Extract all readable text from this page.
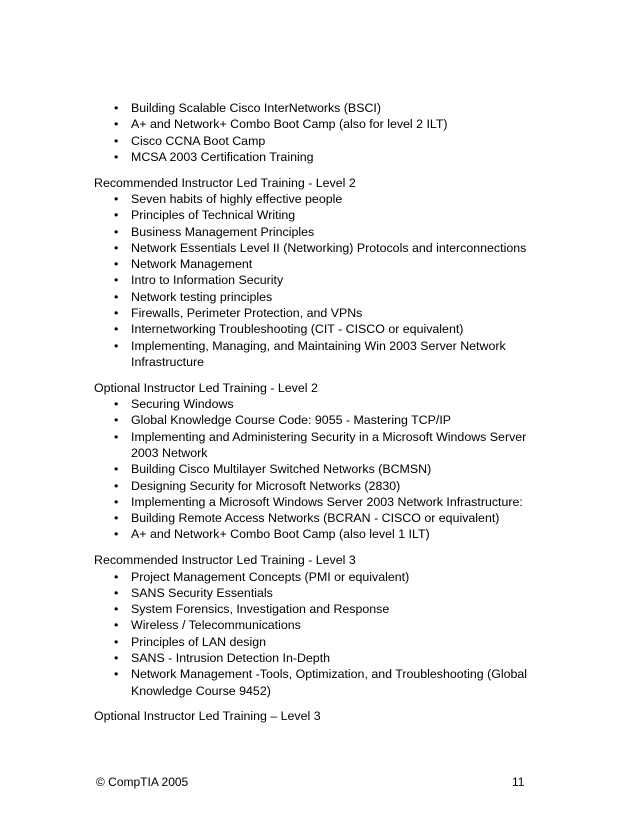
• Building Scalable Cisco InterNetworks (BSCI)
• A+ and Network+ Combo Boot Camp (also for level 2 ILT)
• Cisco CCNA Boot Camp
• MCSA 2003 Certification Training
Recommended Instructor Led Training - Level 2
• Seven habits of highly effective people
• Principles of Technical Writing
• Business Management Principles
• Network Essentials Level II (Networking) Protocols and interconnections
• Network Management
• Intro to Information Security
• Network testing principles
• Firewalls, Perimeter Protection, and VPNs
• Internetworking Troubleshooting (CIT - CISCO or equivalent)
• Implementing, Managing, and Maintaining Win 2003 Server Network Infrastructure
Optional Instructor Led Training - Level 2
• Securing Windows
• Global Knowledge Course Code: 9055 - Mastering TCP/IP
• Implementing and Administering Security in a Microsoft Windows Server 2003 Network
• Building Cisco Multilayer Switched Networks (BCMSN)
• Designing Security for Microsoft Networks (2830)
• Implementing a Microsoft Windows Server 2003 Network Infrastructure:
• Building Remote Access Networks (BCRAN - CISCO or equivalent)
• A+ and Network+ Combo Boot Camp (also level 1 ILT)
Recommended Instructor Led Training - Level 3
• Project Management Concepts (PMI or equivalent)
• SANS Security Essentials
• System Forensics, Investigation and Response
• Wireless / Telecommunications
• Principles of LAN design
• SANS - Intrusion Detection In-Depth
• Network Management -Tools, Optimization, and Troubleshooting (Global Knowledge Course 9452)
Optional Instructor Led Training – Level 3
© CompTIA 2005	11
